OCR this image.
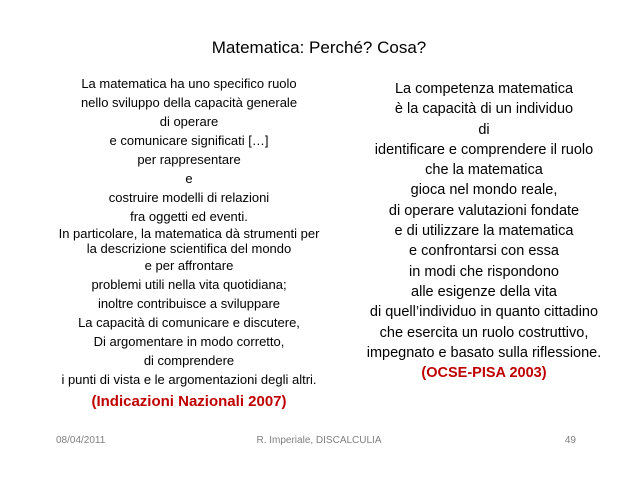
Matematica: Perché? Cosa?
La matematica ha uno specifico ruolo
nello sviluppo della capacità generale
di operare
e comunicare significati […]
per rappresentare
e
costruire modelli di relazioni
fra oggetti ed eventi.
In particolare, la matematica dà strumenti per
la descrizione scientifica del mondo
e per affrontare
problemi utili nella vita quotidiana;
inoltre contribuisce a sviluppare
La capacità di comunicare e discutere,
Di argomentare in modo corretto,
di comprendere
i punti di vista e le argomentazioni degli altri.
(Indicazioni Nazionali 2007)
La competenza matematica
è la capacità di un individuo
di
identificare e comprendere il ruolo
che la matematica
gioca nel mondo reale,
di operare valutazioni fondate
e di utilizzare la matematica
e confrontarsi con essa
in modi che rispondono
alle esigenze della vita
di quell’individuo in quanto cittadino
che esercita un ruolo costruttivo,
impegnato e basato sulla riflessione.
(OCSE-PISA 2003)
08/04/2011	R. Imperiale, DISCALCULIA	49
